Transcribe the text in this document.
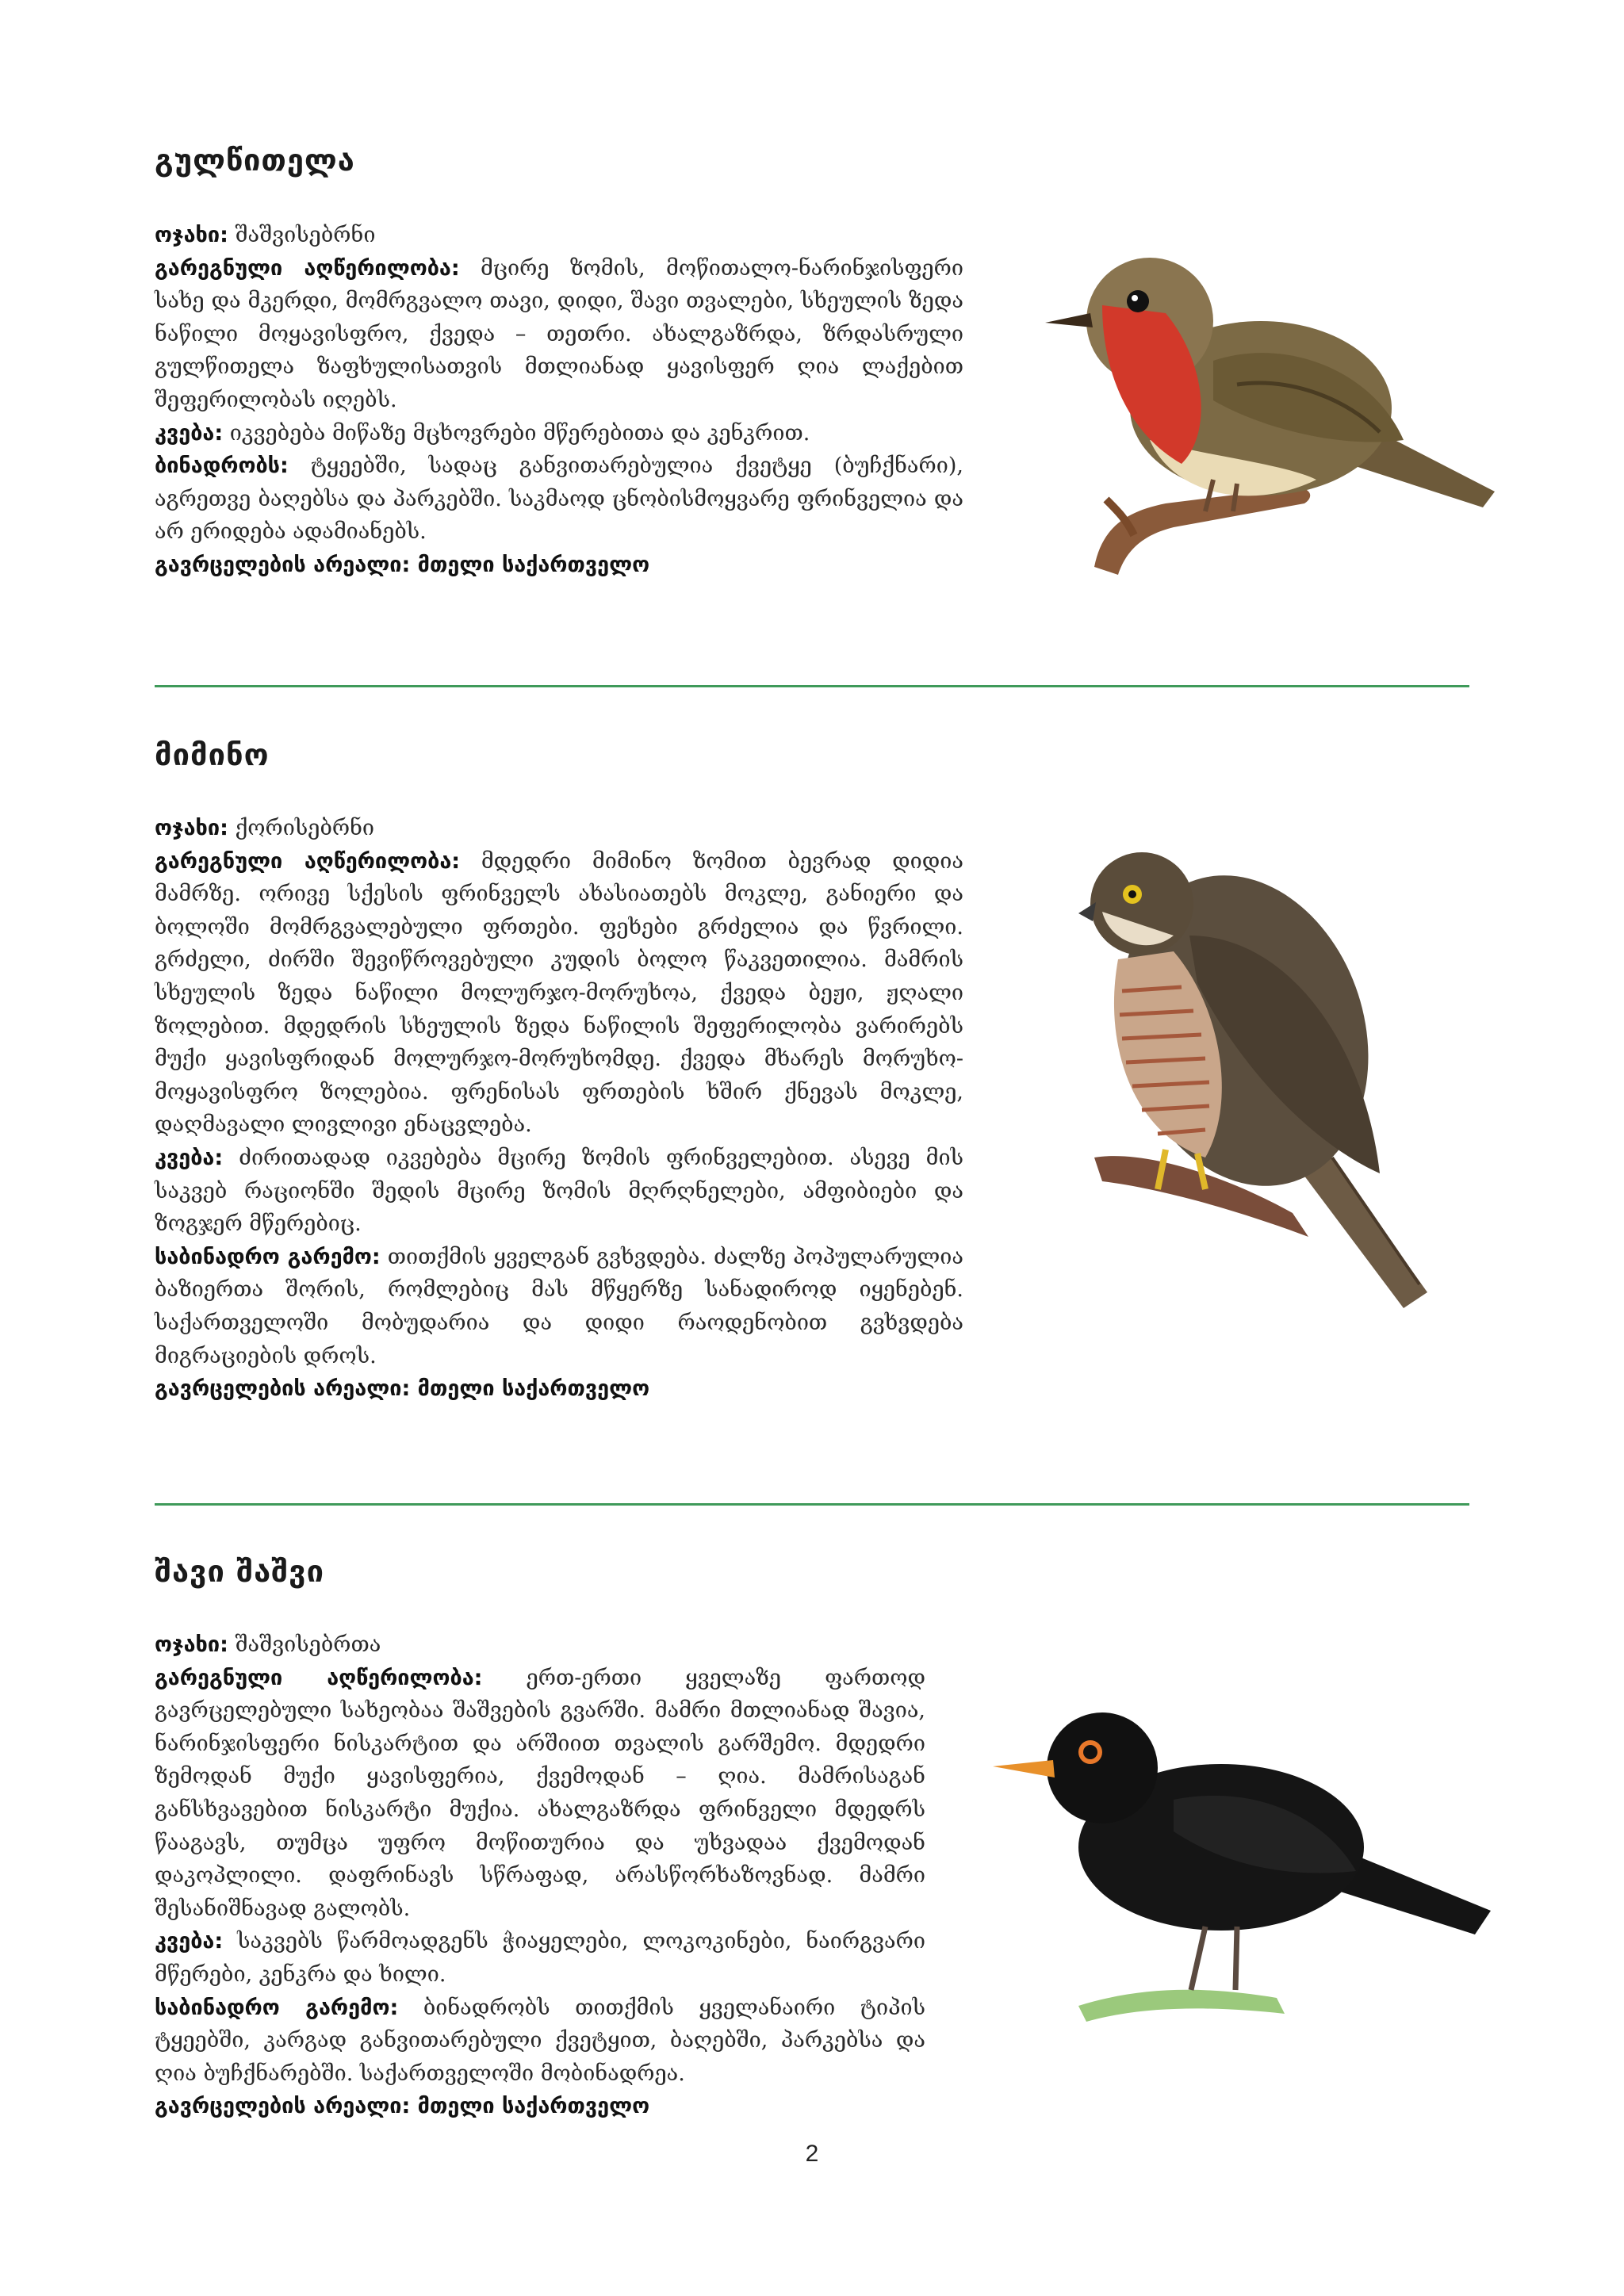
გულწითელა

ოჯახი: შაშვისებრნი

გარეგნული აღწერილობა: მცირე ზომის, მოწითალო-ნარინჯისფერი სახე და მკერდი, მომრგვალო თავი, დიდი, შავი თვალები, სხეულის ზედა ნაწილი მოყავისფრო, ქვედა – თეთრი. ახალგაზრდა, ზრდასრული გულწითელა ზაფხულისათვის მთლიანად ყავისფერ ღია ლაქებით შეფერილობას იღებს.

კვება: იკვებება მიწაზე მცხოვრები მწერებითა და კენკრით.

ბინადრობს: ტყეებში, სადაც განვითარებულია ქვეტყე (ბუჩქნარი), აგრეთვე ბაღებსა და პარკებში. საკმაოდ ცნობისმოყვარე ფრინველია და არ ერიდება ადამიანებს.

გავრცელების არეალი: მთელი საქართველო

მიმინო

ოჯახი: ქორისებრნი

გარეგნული აღწერილობა: მდედრი მიმინო ზომით ბევრად დიდია მამრზე. ორივე სქესის ფრინველს ახასიათებს მოკლე, განიერი და ბოლოში მომრგვალებული ფრთები. ფეხები გრძელია და წვრილი. გრძელი, ძირში შევიწროვებული კუდის ბოლო წაკვეთილია. მამრის სხეულის ზედა ნაწილი მოლურჯო-მორუხოა, ქვედა ბეჟი, ჟღალი ზოლებით. მდედრის სხეულის ზედა ნაწილის შეფერილობა ვარირებს მუქი ყავისფრიდან მოლურჯო-მორუხომდე. ქვედა მხარეს მორუხო-მოყავისფრო ზოლებია. ფრენისას ფრთების ხშირ ქნევას მოკლე, დაღმავალი ლივლივი ენაცვლება.

კვება: ძირითადად იკვებება მცირე ზომის ფრინველებით. ასევე მის საკვებ რაციონში შედის მცირე ზომის მღრღნელები, ამფიბიები და ზოგჯერ მწერებიც.

საბინადრო გარემო: თითქმის ყველგან გვხვდება. ძალზე პოპულარულია ბაზიერთა შორის, რომლებიც მას მწყერზე სანადიროდ იყენებენ. საქართველოში მობუდარია და დიდი რაოდენობით გვხვდება მიგრაციების დროს.

გავრცელების არეალი: მთელი საქართველო

შავი შაშვი

ოჯახი: შაშვისებრთა

გარეგნული აღწერილობა: ერთ-ერთი ყველაზე ფართოდ გავრცელებული სახეობაა შაშვების გვარში. მამრი მთლიანად შავია, ნარინჯისფერი ნისკარტით და არშიით თვალის გარშემო. მდედრი ზემოდან მუქი ყავისფერია, ქვემოდან – ღია. მამრისაგან განსხვავებით ნისკარტი მუქია. ახალგაზრდა ფრინველი მდედრს წააგავს, თუმცა უფრო მოწითურია და უხვადაა ქვემოდან დაკოპლილი. დაფრინავს სწრაფად, არასწორხაზოვნად. მამრი შესანიშნავად გალობს.

კვება: საკვებს წარმოადგენს ჭიაყელები, ლოკოკინები, ნაირგვარი მწერები, კენკრა და ხილი.

საბინადრო გარემო: ბინადრობს თითქმის ყველანაირი ტიპის ტყეებში, კარგად განვითარებული ქვეტყით, ბაღებში, პარკებსა და ღია ბუჩქნარებში. საქართველოში მობინადრეა.

გავრცელების არეალი: მთელი საქართველო

2
